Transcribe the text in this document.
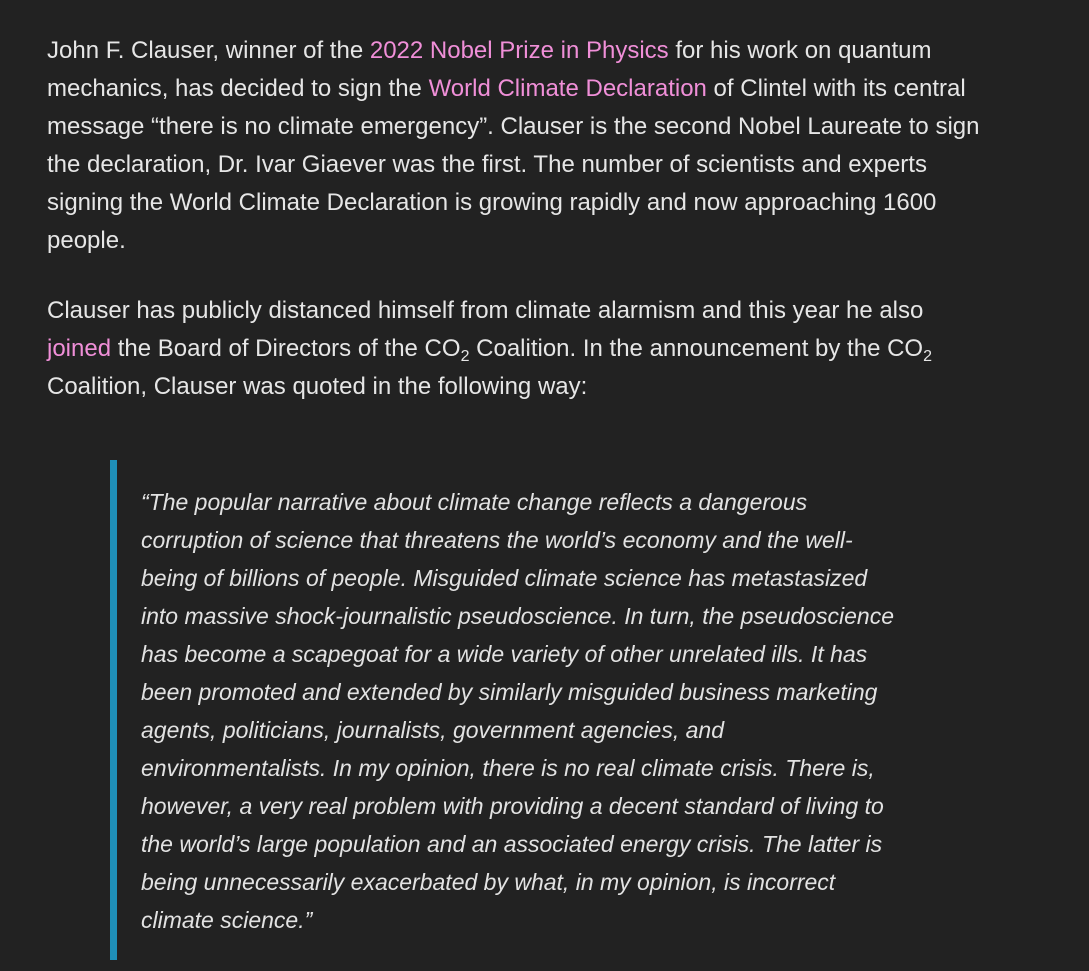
John F. Clauser, winner of the 2022 Nobel Prize in Physics for his work on quantum
mechanics, has decided to sign the World Climate Declaration of Clintel with its central
message “there is no climate emergency”. Clauser is the second Nobel Laureate to sign
the declaration, Dr. Ivar Giaever was the first. The number of scientists and experts
signing the World Climate Declaration is growing rapidly and now approaching 1600
people.

Clauser has publicly distanced himself from climate alarmism and this year he also
joined the Board of Directors of the $CO_2$ Coalition. In the announcement by the $CO_2$
Coalition, Clauser was quoted in the following way:

“The popular narrative about climate change reflects a dangerous
corruption of science that threatens the world’s economy and the well-
being of billions of people. Misguided climate science has metastasized
into massive shock-journalistic pseudoscience. In turn, the pseudoscience
has become a scapegoat for a wide variety of other unrelated ills. It has
been promoted and extended by similarly misguided business marketing
agents, politicians, journalists, government agencies, and
environmentalists. In my opinion, there is no real climate crisis. There is,
however, a very real problem with providing a decent standard of living to
the world’s large population and an associated energy crisis. The latter is
being unnecessarily exacerbated by what, in my opinion, is incorrect
climate science.”
